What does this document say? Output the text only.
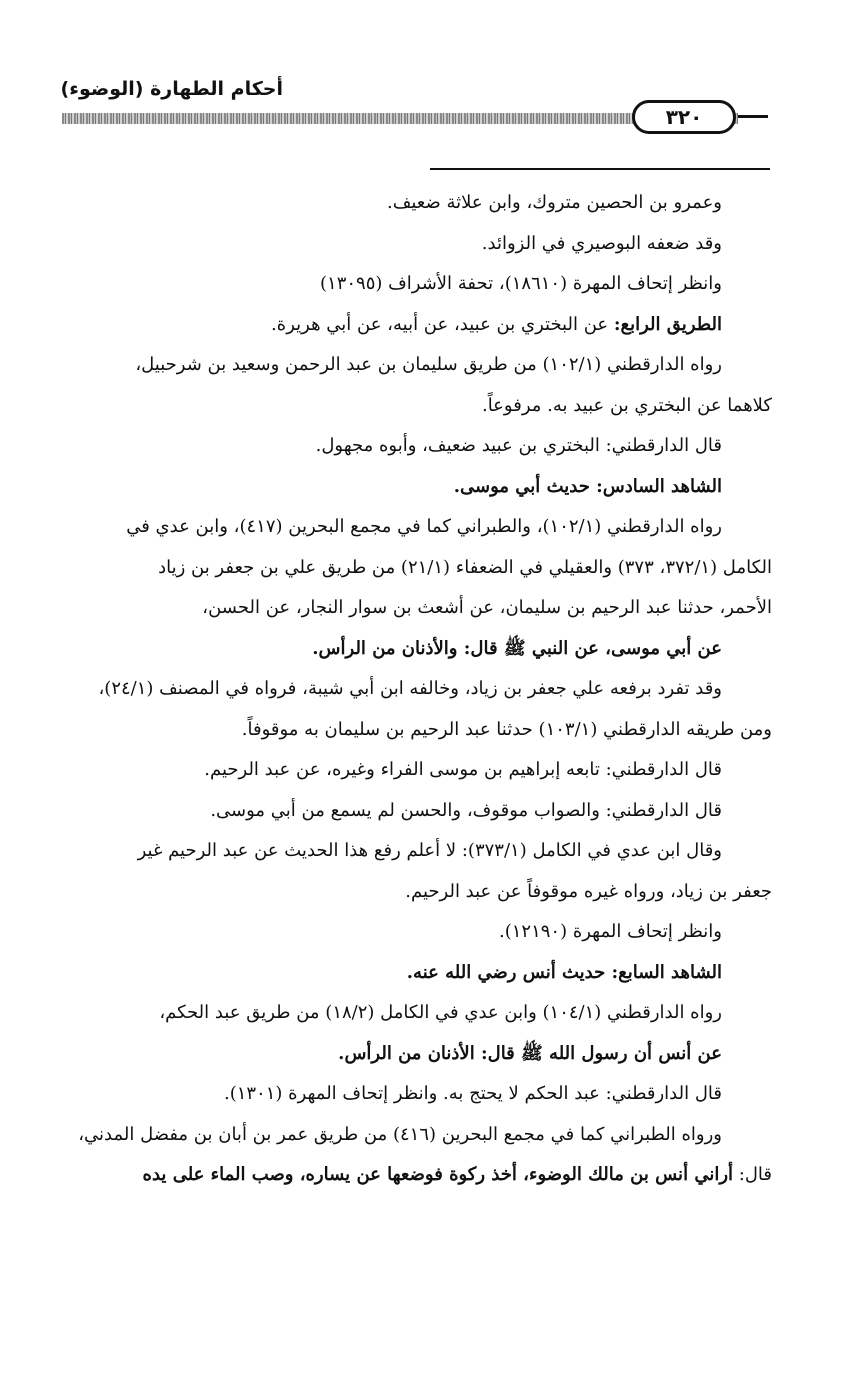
أحكام الطهارة (الوضوء)
٣٢٠

وعمرو بن الحصين متروك، وابن علاثة ضعيف.

وقد ضعفه البوصيري في الزوائد.

وانظر إتحاف المهرة (١٨٦١٠)، تحفة الأشراف (١٣٠٩٥)

الطريق الرابع: عن البختري بن عبيد، عن أبيه، عن أبي هريرة.

رواه الدارقطني (١٠٢/١) من طريق سليمان بن عبد الرحمن وسعيد بن شرحبيل،

كلاهما عن البختري بن عبيد به. مرفوعاً.

قال الدارقطني: البختري بن عبيد ضعيف، وأبوه مجهول.

الشاهد السادس: حديث أبي موسى.

رواه الدارقطني (١٠٢/١)، والطبراني كما في مجمع البحرين (٤١٧)، وابن عدي في

الكامل (٣٧٢/١، ٣٧٣) والعقيلي في الضعفاء (٢١/١) من طريق علي بن جعفر بن زياد

الأحمر، حدثنا عبد الرحيم بن سليمان، عن أشعث بن سوار النجار، عن الحسن،

عن أبي موسى، عن النبي ﷺ قال: والأذنان من الرأس.

وقد تفرد برفعه علي جعفر بن زياد، وخالفه ابن أبي شيبة، فرواه في المصنف (٢٤/١)،

ومن طريقه الدارقطني (١٠٣/١) حدثنا عبد الرحيم بن سليمان به موقوفاً.

قال الدارقطني: تابعه إبراهيم بن موسى الفراء وغيره، عن عبد الرحيم.

قال الدارقطني: والصواب موقوف، والحسن لم يسمع من أبي موسى.

وقال ابن عدي في الكامل (٣٧٣/١): لا أعلم رفع هذا الحديث عن عبد الرحيم غير

جعفر بن زياد، ورواه غيره موقوفاً عن عبد الرحيم.

وانظر إتحاف المهرة (١٢١٩٠).

الشاهد السابع: حديث أنس رضي الله عنه.

رواه الدارقطني (١٠٤/١) وابن عدي في الكامل (١٨/٢) من طريق عبد الحكم،

عن أنس أن رسول الله ﷺ قال: الأذنان من الرأس.

قال الدارقطني: عبد الحكم لا يحتج به. وانظر إتحاف المهرة (١٣٠١).

ورواه الطبراني كما في مجمع البحرين (٤١٦) من طريق عمر بن أبان بن مفضل المدني،

قال: أراني أنس بن مالك الوضوء، أخذ ركوة فوضعها عن يساره، وصب الماء على يده
